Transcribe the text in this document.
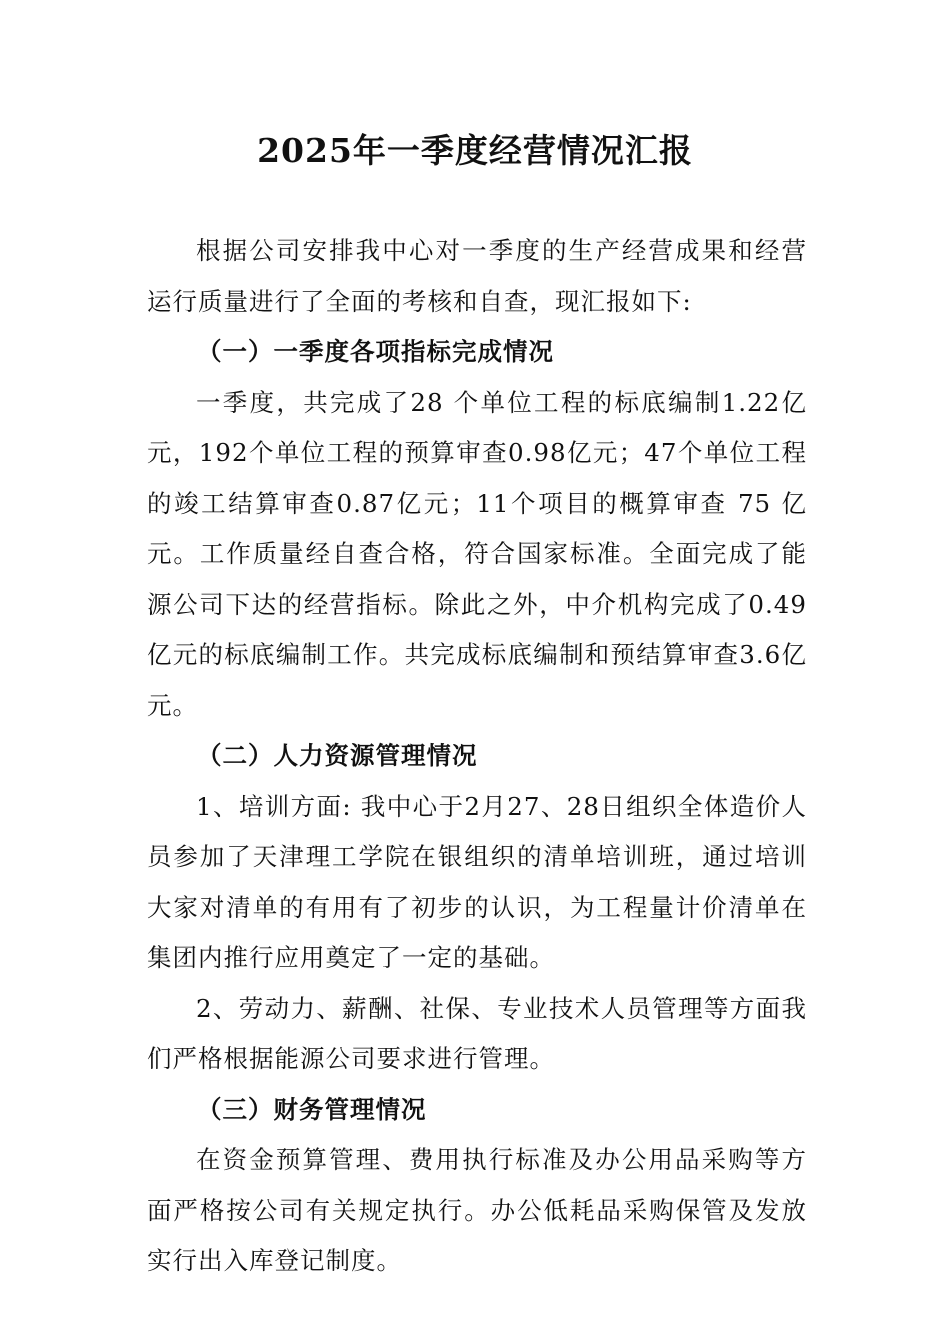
2025年一季度经营情况汇报

根据公司安排我中心对一季度的生产经营成果和经营运行质量进行了全面的考核和自查，现汇报如下:

（一）一季度各项指标完成情况

一季度，共完成了28 个单位工程的标底编制1.22亿元，192个单位工程的预算审查0.98亿元；47个单位工程的竣工结算审查0.87亿元；11个项目的概算审查 75 亿元。工作质量经自查合格，符合国家标准。全面完成了能源公司下达的经营指标。除此之外，中介机构完成了0.49亿元的标底编制工作。共完成标底编制和预结算审查3.6亿元。

（二）人力资源管理情况

1、培训方面: 我中心于2月27、28日组织全体造价人员参加了天津理工学院在银组织的清单培训班，通过培训大家对清单的有用有了初步的认识，为工程量计价清单在集团内推行应用奠定了一定的基础。

2、劳动力、薪酬、社保、专业技术人员管理等方面我们严格根据能源公司要求进行管理。

（三）财务管理情况

在资金预算管理、费用执行标准及办公用品采购等方面严格按公司有关规定执行。办公低耗品采购保管及发放实行出入库登记制度。
